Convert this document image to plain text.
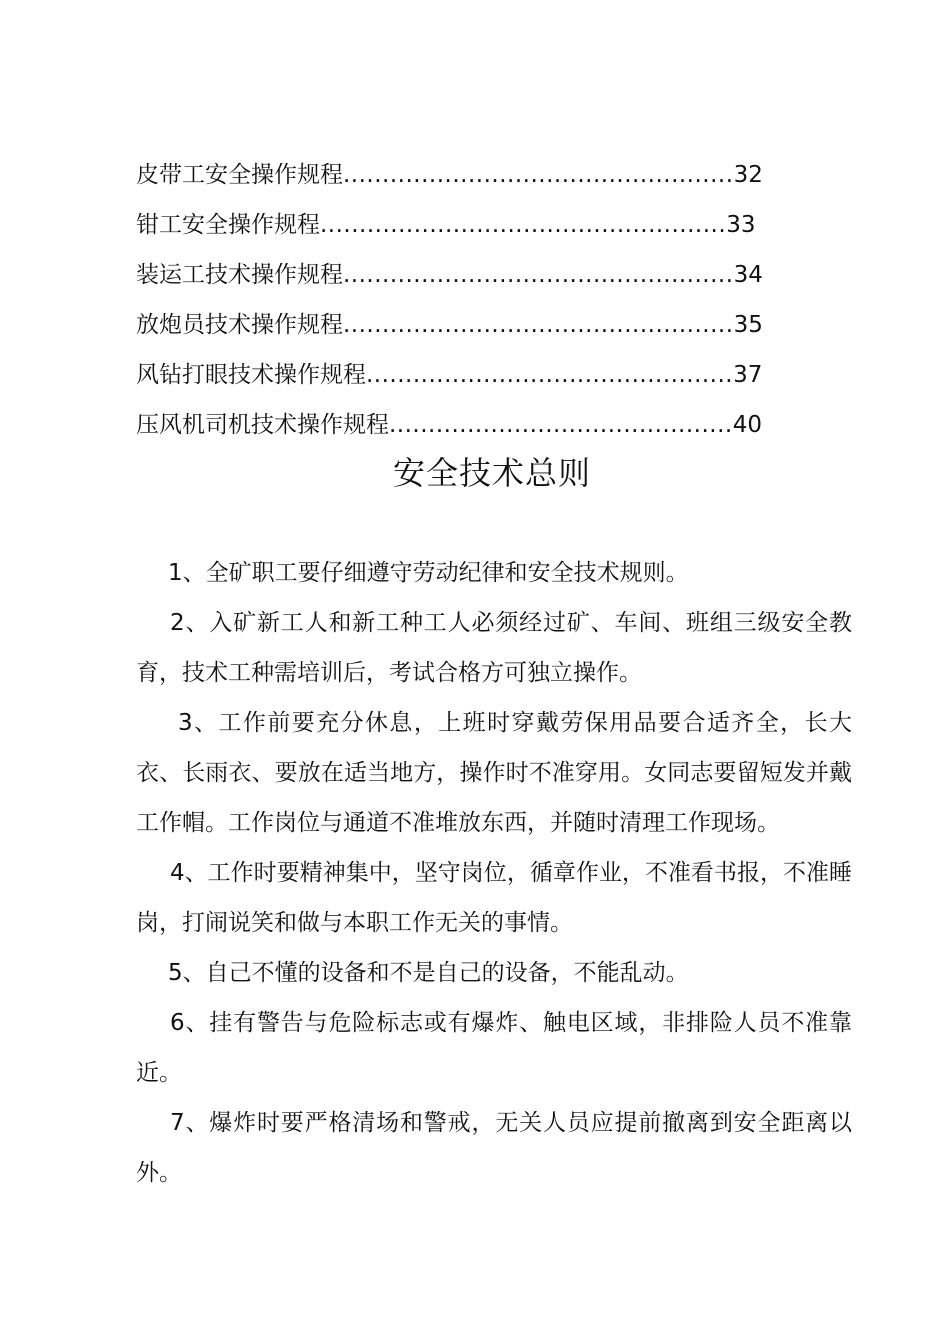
皮带工安全操作规程..................................................32
钳工安全操作规程....................................................33
装运工技术操作规程..................................................34
放炮员技术操作规程..................................................35
风钻打眼技术操作规程...............................................37
压风机司机技术操作规程............................................40
安全技术总则

1、全矿职工要仔细遵守劳动纪律和安全技术规则。

2、入矿新工人和新工种工人必须经过矿、车间、班组三级安全教育，技术工种需培训后，考试合格方可独立操作。

3、工作前要充分休息，上班时穿戴劳保用品要合适齐全，长大衣、长雨衣、要放在适当地方，操作时不准穿用。女同志要留短发并戴工作帽。工作岗位与通道不准堆放东西，并随时清理工作现场。

4、工作时要精神集中，坚守岗位，循章作业，不准看书报，不准睡岗，打闹说笑和做与本职工作无关的事情。

5、自己不懂的设备和不是自己的设备，不能乱动。

6、挂有警告与危险标志或有爆炸、触电区域，非排险人员不准靠近。

7、爆炸时要严格清场和警戒，无关人员应提前撤离到安全距离以外。
